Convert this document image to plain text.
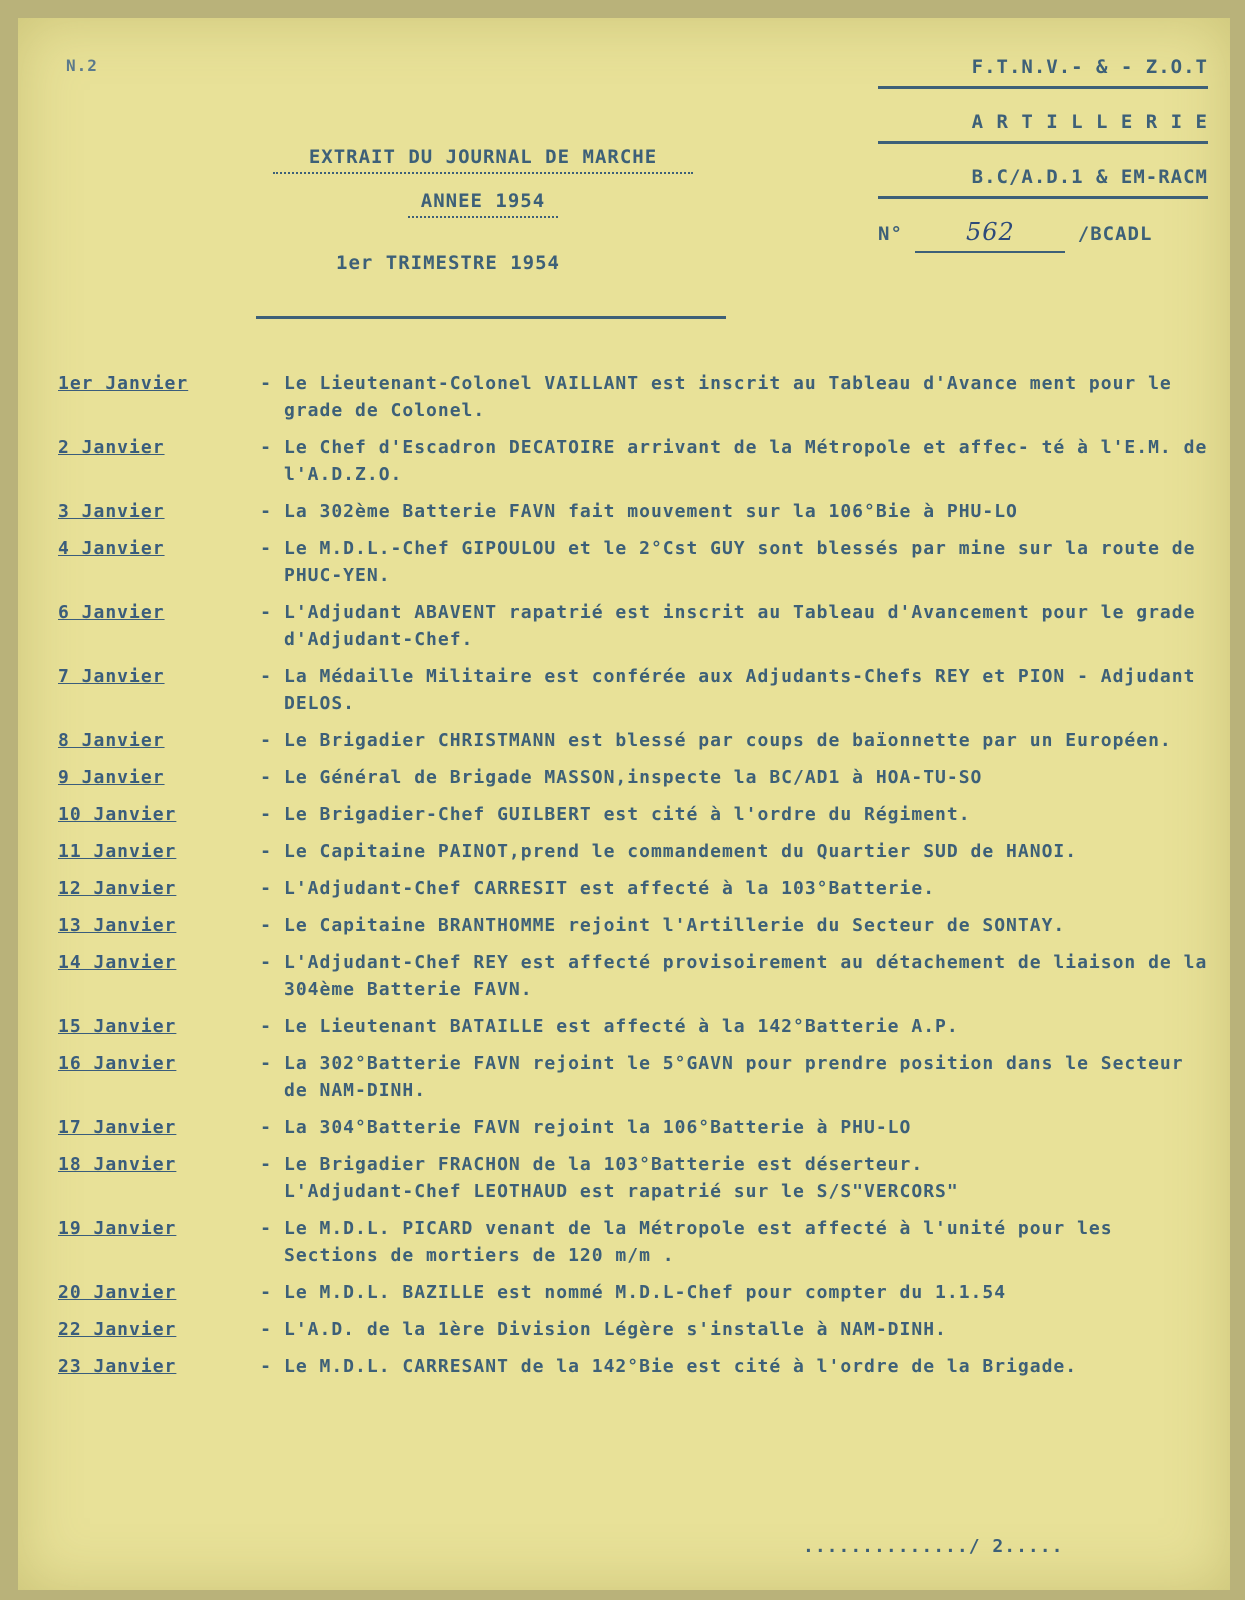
N.2
EXTRAIT DU JOURNAL DE MARCHE
ANNEE 1954
1er TRIMESTRE 1954
F.T.N.V.- & - Z.O.T
A R T I L L E R I E
B.C/A.D.1 & EM-RACM
N°	562	/BCADL
1er Janvier	- Le Lieutenant-Colonel VAILLANT est inscrit au Tableau d'Avance ment pour le grade de Colonel.
2 Janvier	- Le Chef d'Escadron DECATOIRE arrivant de la Métropole et affec- té à l'E.M. de l'A.D.Z.O.
3 Janvier	- La 302ème Batterie FAVN fait mouvement sur la 106°Bie à PHU-LO
4 Janvier	- Le M.D.L.-Chef GIPOULOU et le 2°Cst GUY sont blessés par mine sur la route de PHUC-YEN.
6 Janvier	- L'Adjudant ABAVENT rapatrié est inscrit au Tableau d'Avancement pour le grade d'Adjudant-Chef.
7 Janvier	- La Médaille Militaire est conférée aux Adjudants-Chefs REY et PION - Adjudant DELOS.
8 Janvier	- Le Brigadier CHRISTMANN est blessé par coups de baïonnette par un Européen.
9 Janvier	- Le Général de Brigade MASSON,inspecte la BC/AD1 à HOA-TU-SO
10 Janvier	- Le Brigadier-Chef GUILBERT est cité à l'ordre du Régiment.
11 Janvier	- Le Capitaine PAINOT,prend le commandement du Quartier SUD de HANOI.
12 Janvier	- L'Adjudant-Chef CARRESIT est affecté à la 103°Batterie.
13 Janvier	- Le Capitaine BRANTHOMME rejoint l'Artillerie du Secteur de SONTAY.
14 Janvier	- L'Adjudant-Chef REY est affecté provisoirement au détachement de liaison de la 304ème Batterie FAVN.
15 Janvier	- Le Lieutenant BATAILLE est affecté à la 142°Batterie A.P.
16 Janvier	- La 302°Batterie FAVN rejoint le 5°GAVN pour prendre position dans le Secteur de NAM-DINH.
17 Janvier	- La 304°Batterie FAVN rejoint la 106°Batterie à PHU-LO
18 Janvier	- Le Brigadier FRACHON de la 103°Batterie est déserteur.
L'Adjudant-Chef LEOTHAUD est rapatrié sur le S/S"VERCORS"
19 Janvier	- Le M.D.L. PICARD venant de la Métropole est affecté à l'unité pour les Sections de mortiers de 120 m/m .
20 Janvier	- Le M.D.L. BAZILLE est nommé M.D.L-Chef pour compter du 1.1.54
22 Janvier	- L'A.D. de la 1ère Division Légère s'installe à NAM-DINH.
23 Janvier	- Le M.D.L. CARRESANT de la 142°Bie est cité à l'ordre de la Brigade.
............../ 2.....
